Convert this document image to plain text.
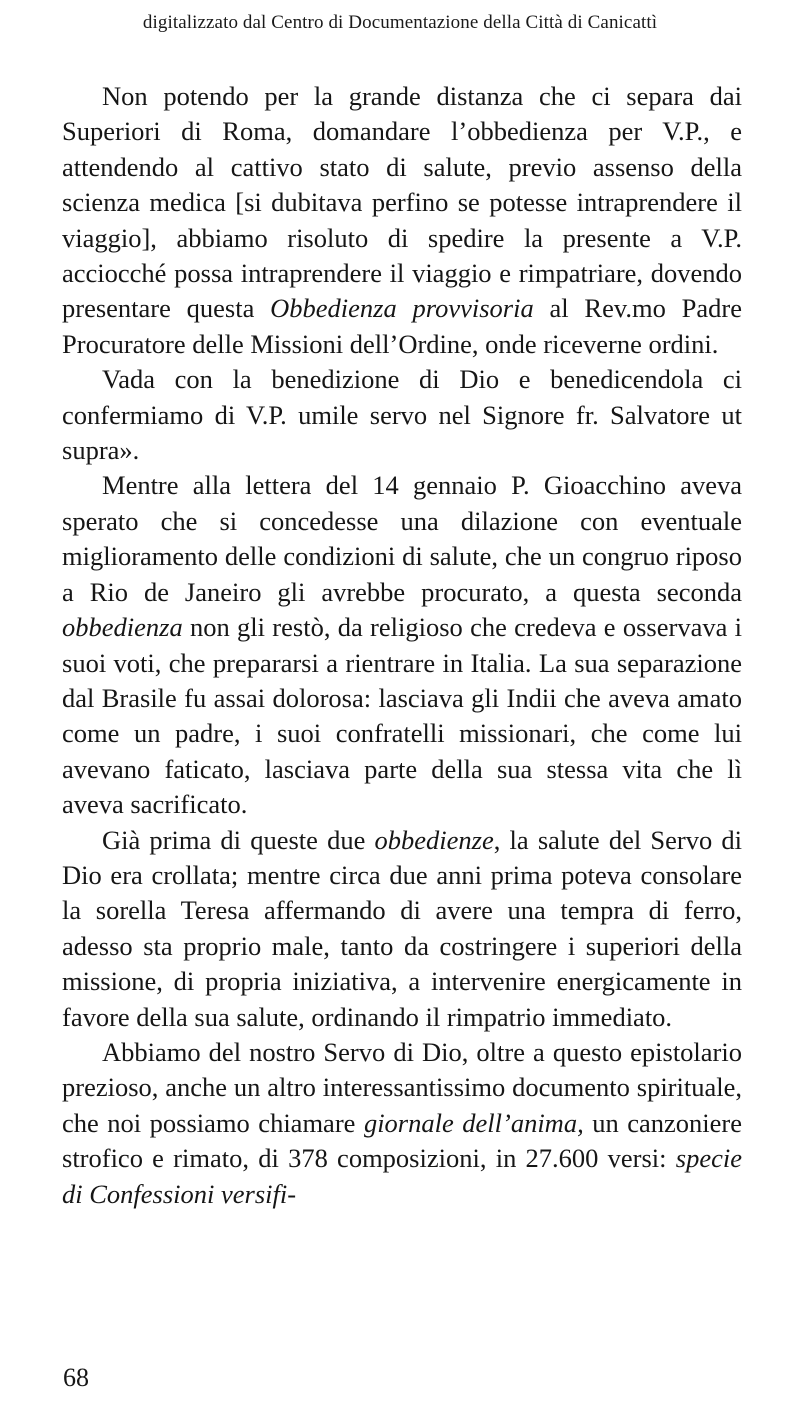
digitalizzato dal Centro di Documentazione della Città di Canicattì

Non potendo per la grande distanza che ci separa dai Superiori di Roma, domandare l’obbedienza per V.P., e attendendo al cattivo stato di salute, previo assenso della scienza medica [si dubitava perfino se potesse intraprendere il viaggio], abbiamo risoluto di spedire la presente a V.P. acciocché possa intraprendere il viaggio e rimpatriare, dovendo presentare questa Obbedienza provvisoria al Rev.mo Padre Procuratore delle Missioni dell’Ordine, onde riceverne ordini.

Vada con la benedizione di Dio e benedicendola ci confermiamo di V.P. umile servo nel Signore fr. Salvatore ut supra».

Mentre alla lettera del 14 gennaio P. Gioacchino aveva sperato che si concedesse una dilazione con eventuale miglioramento delle condizioni di salute, che un congruo riposo a Rio de Janeiro gli avrebbe procurato, a questa seconda obbedienza non gli restò, da religioso che credeva e osservava i suoi voti, che prepararsi a rientrare in Italia. La sua separazione dal Brasile fu assai dolorosa: lasciava gli Indii che aveva amato come un padre, i suoi confratelli missionari, che come lui avevano faticato, lasciava parte della sua stessa vita che lì aveva sacrificato.

Già prima di queste due obbedienze, la salute del Servo di Dio era crollata; mentre circa due anni prima poteva consolare la sorella Teresa affermando di avere una tempra di ferro, adesso sta proprio male, tanto da costringere i superiori della missione, di propria iniziativa, a intervenire energicamente in favore della sua salute, ordinando il rimpatrio immediato.

Abbiamo del nostro Servo di Dio, oltre a questo epistolario prezioso, anche un altro interessantissimo documento spirituale, che noi possiamo chiamare giornale dell’anima, un canzoniere strofico e rimato, di 378 composizioni, in 27.600 versi: specie di Confessioni versifi-

68
